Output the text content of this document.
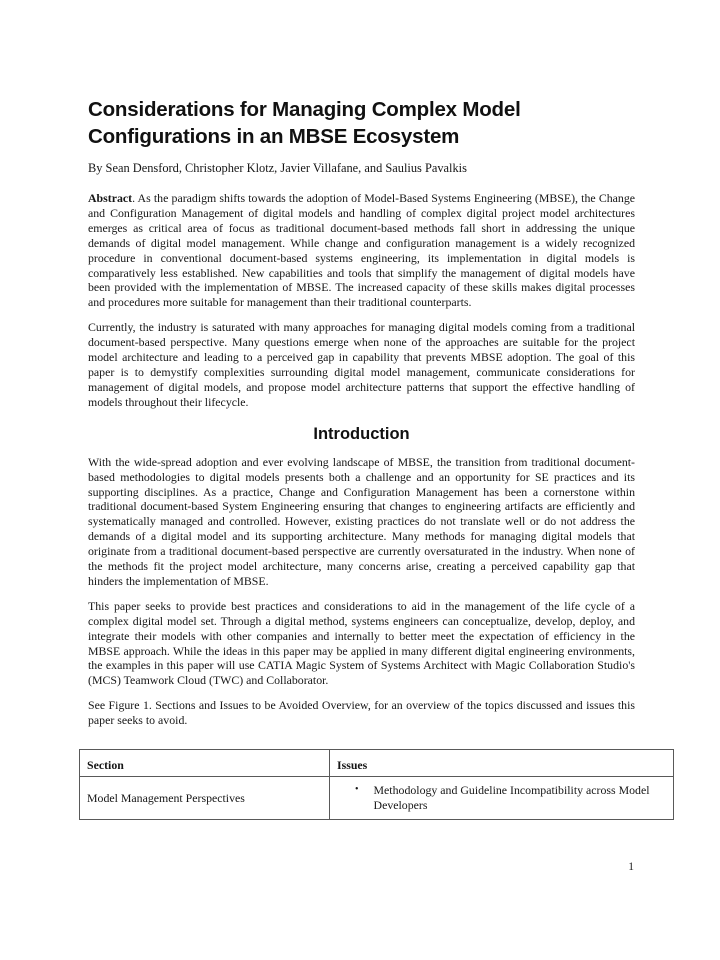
Considerations for Managing Complex Model Configurations in an MBSE Ecosystem
By Sean Densford, Christopher Klotz, Javier Villafane, and Saulius Pavalkis

Abstract. As the paradigm shifts towards the adoption of Model-Based Systems Engineering (MBSE), the Change and Configuration Management of digital models and handling of complex digital project model architectures emerges as critical area of focus as traditional document-based methods fall short in addressing the unique demands of digital model management. While change and configuration management is a widely recognized procedure in conventional document-based systems engineering, its implementation in digital models is comparatively less established. New capabilities and tools that simplify the management of digital models have been provided with the implementation of MBSE. The increased capacity of these skills makes digital processes and procedures more suitable for management than their traditional counterparts.

Currently, the industry is saturated with many approaches for managing digital models coming from a traditional document-based perspective. Many questions emerge when none of the approaches are suitable for the project model architecture and leading to a perceived gap in capability that prevents MBSE adoption. The goal of this paper is to demystify complexities surrounding digital model management, communicate considerations for management of digital models, and propose model architecture patterns that support the effective handling of models throughout their lifecycle.

Introduction

With the wide-spread adoption and ever evolving landscape of MBSE, the transition from traditional document-based methodologies to digital models presents both a challenge and an opportunity for SE practices and its supporting disciplines. As a practice, Change and Configuration Management has been a cornerstone within traditional document-based System Engineering ensuring that changes to engineering artifacts are efficiently and systematically managed and controlled. However, existing practices do not translate well or do not address the demands of a digital model and its supporting architecture. Many methods for managing digital models that originate from a traditional document-based perspective are currently oversaturated in the industry. When none of the methods fit the project model architecture, many concerns arise, creating a perceived capability gap that hinders the implementation of MBSE.

This paper seeks to provide best practices and considerations to aid in the management of the life cycle of a complex digital model set. Through a digital method, systems engineers can conceptualize, develop, deploy, and integrate their models with other companies and internally to better meet the expectation of efficiency in the MBSE approach. While the ideas in this paper may be applied in many different digital engineering environments, the examples in this paper will use CATIA Magic System of Systems Architect with Magic Collaboration Studio's (MCS) Teamwork Cloud (TWC) and Collaborator.

See Figure 1. Sections and Issues to be Avoided Overview, for an overview of the topics discussed and issues this paper seeks to avoid.

Section	Issues

Model Management Perspectives	• Methodology and Guideline Incompatibility across Model Developers
1
